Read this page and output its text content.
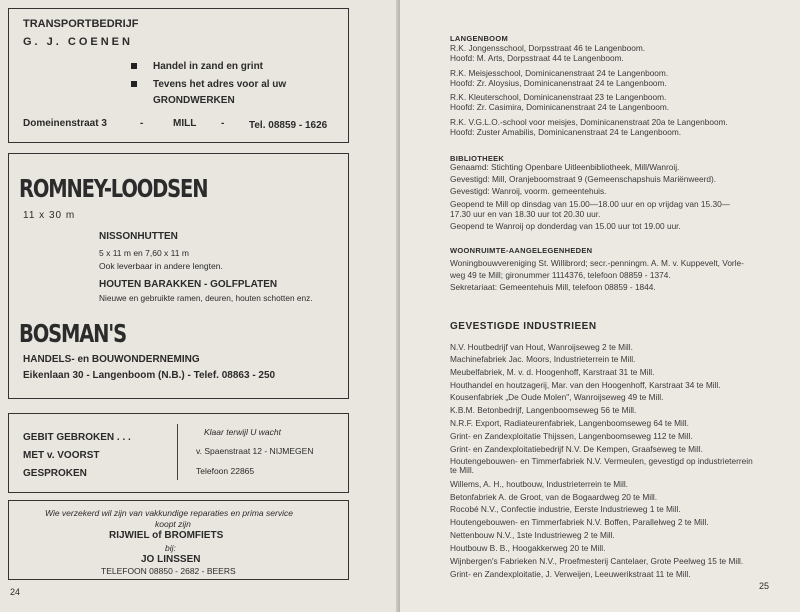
TRANSPORTBEDRIJF
G. J. COENEN
Handel in zand en grint
Tevens het adres voor al uw
GRONDWERKEN
Domeinenstraat 3	-	MILL - Tel. 08859 - 1626
ROMNEY-LOODSEN
11 x 30 m
NISSONHUTTEN
5 x 11 m en 7,60 x 11 m
Ook leverbaar in andere lengten.
HOUTEN BARAKKEN - GOLFPLATEN
Nieuwe en gebruikte ramen, deuren, houten schotten enz.
BOSMAN'S
HANDELS- en BOUWONDERNEMING
Eikenlaan 30 - Langenboom (N.B.) - Telef. 08863 - 250
GEBIT GEBROKEN . . .
MET v. VOORST
GESPROKEN
Klaar terwijl U wacht
v. Spaenstraat 12 - NIJMEGEN
Telefoon 22865
Wie verzekerd wil zijn van vakkundige reparaties en prima service
koopt zijn
RIJWIEL of BROMFIETS
bij:
JO LINSSEN
TELEFOON 08850 - 2682 - BEERS
24
LANGENBOOM
R.K. Jongensschool, Dorpsstraat 46 te Langenboom.
Hoofd: M. Arts, Dorpsstraat 44 te Langenboom.
R.K. Meisjesschool, Dominicanenstraat 24 te Langenboom.
Hoofd: Zr. Aloysius, Dominicanenstraat 24 te Langenboom.
R.K. Kleuterschool, Dominicanenstraat 23 te Langenboom.
Hoofd: Zr. Casimira, Dominicanenstraat 24 te Langenboom.
R.K. V.G.L.O.-school voor meisjes, Dominicanenstraat 20a te Langenboom.
Hoofd: Zuster Amabilis, Dominicanenstraat 24 te Langenboom.
BIBLIOTHEEK
Genaamd: Stichting Openbare Uitleenbibliotheek, Mill/Wanroij.
Gevestigd: Mill, Oranjeboomstraat 9 (Gemeenschapshuis Mariënweerd).
Gevestigd: Wanroij, voorm. gemeentehuis.
Geopend te Mill op dinsdag van 15.00—18.00 uur en op vrijdag van 15.30—
17.30 uur en van 18.30 uur tot 20.30 uur.
Geopend te Wanroij op donderdag van 15.00 uur tot 19.00 uur.
WOONRUIMTE-AANGELEGENHEDEN
Woningbouwvereniging St. Willibrord; secr.-penningm. A. M. v. Kuppevelt, Vorle-
weg 49 te Mill; gironummer 1114376, telefoon 08859 - 1374.
Sekretariaat: Gemeentehuis Mill, telefoon 08859 - 1844.
GEVESTIGDE INDUSTRIEEN
N.V. Houtbedrijf van Hout, Wanroijseweg 2 te Mill.
Machinefabriek Jac. Moors, Industrieterrein te Mill.
Meubelfabriek, M. v. d. Hoogenhoff, Karstraat 31 te Mill.
Houthandel en houtzagerij, Mar. van den Hoogenhoff, Karstraat 34 te Mill.
Kousenfabriek „De Oude Molen", Wanroijseweg 49 te Mill.
K.B.M. Betonbedrijf, Langenboomseweg 56 te Mill.
N.R.F. Export, Radiateurenfabriek, Langenboomseweg 64 te Mill.
Grint- en Zandexploitatie Thijssen, Langenboomseweg 112 te Mill.
Grint- en Zandexploitatiebedrijf N.V. De Kempen, Graafseweg te Mill.
Houtengebouwen- en Timmerfabriek N.V. Vermeulen, gevestigd op industrieterrein
te Mill.
Willems, A. H., houtbouw, Industrieterrein te Mill.
Betonfabriek A. de Groot, van de Bogaardweg 20 te Mill.
Rocobé N.V., Confectie industrie, Eerste Industrieweg 1 te Mill.
Houtengebouwen- en Timmerfabriek N.V. Boffen, Parallelweg 2 te Mill.
Nettenbouw N.V., 1ste Industrieweg 2 te Mill.
Houtbouw B. B., Hoogakkerweg 20 te Mill.
Wijnbergen's Fabrieken N.V., Proefmesterij Cantelaer, Grote Peelweg 15 te Mill.
Grint- en Zandexploitatie, J. Verweijen, Leeuwerikstraat 11 te Mill.
25
